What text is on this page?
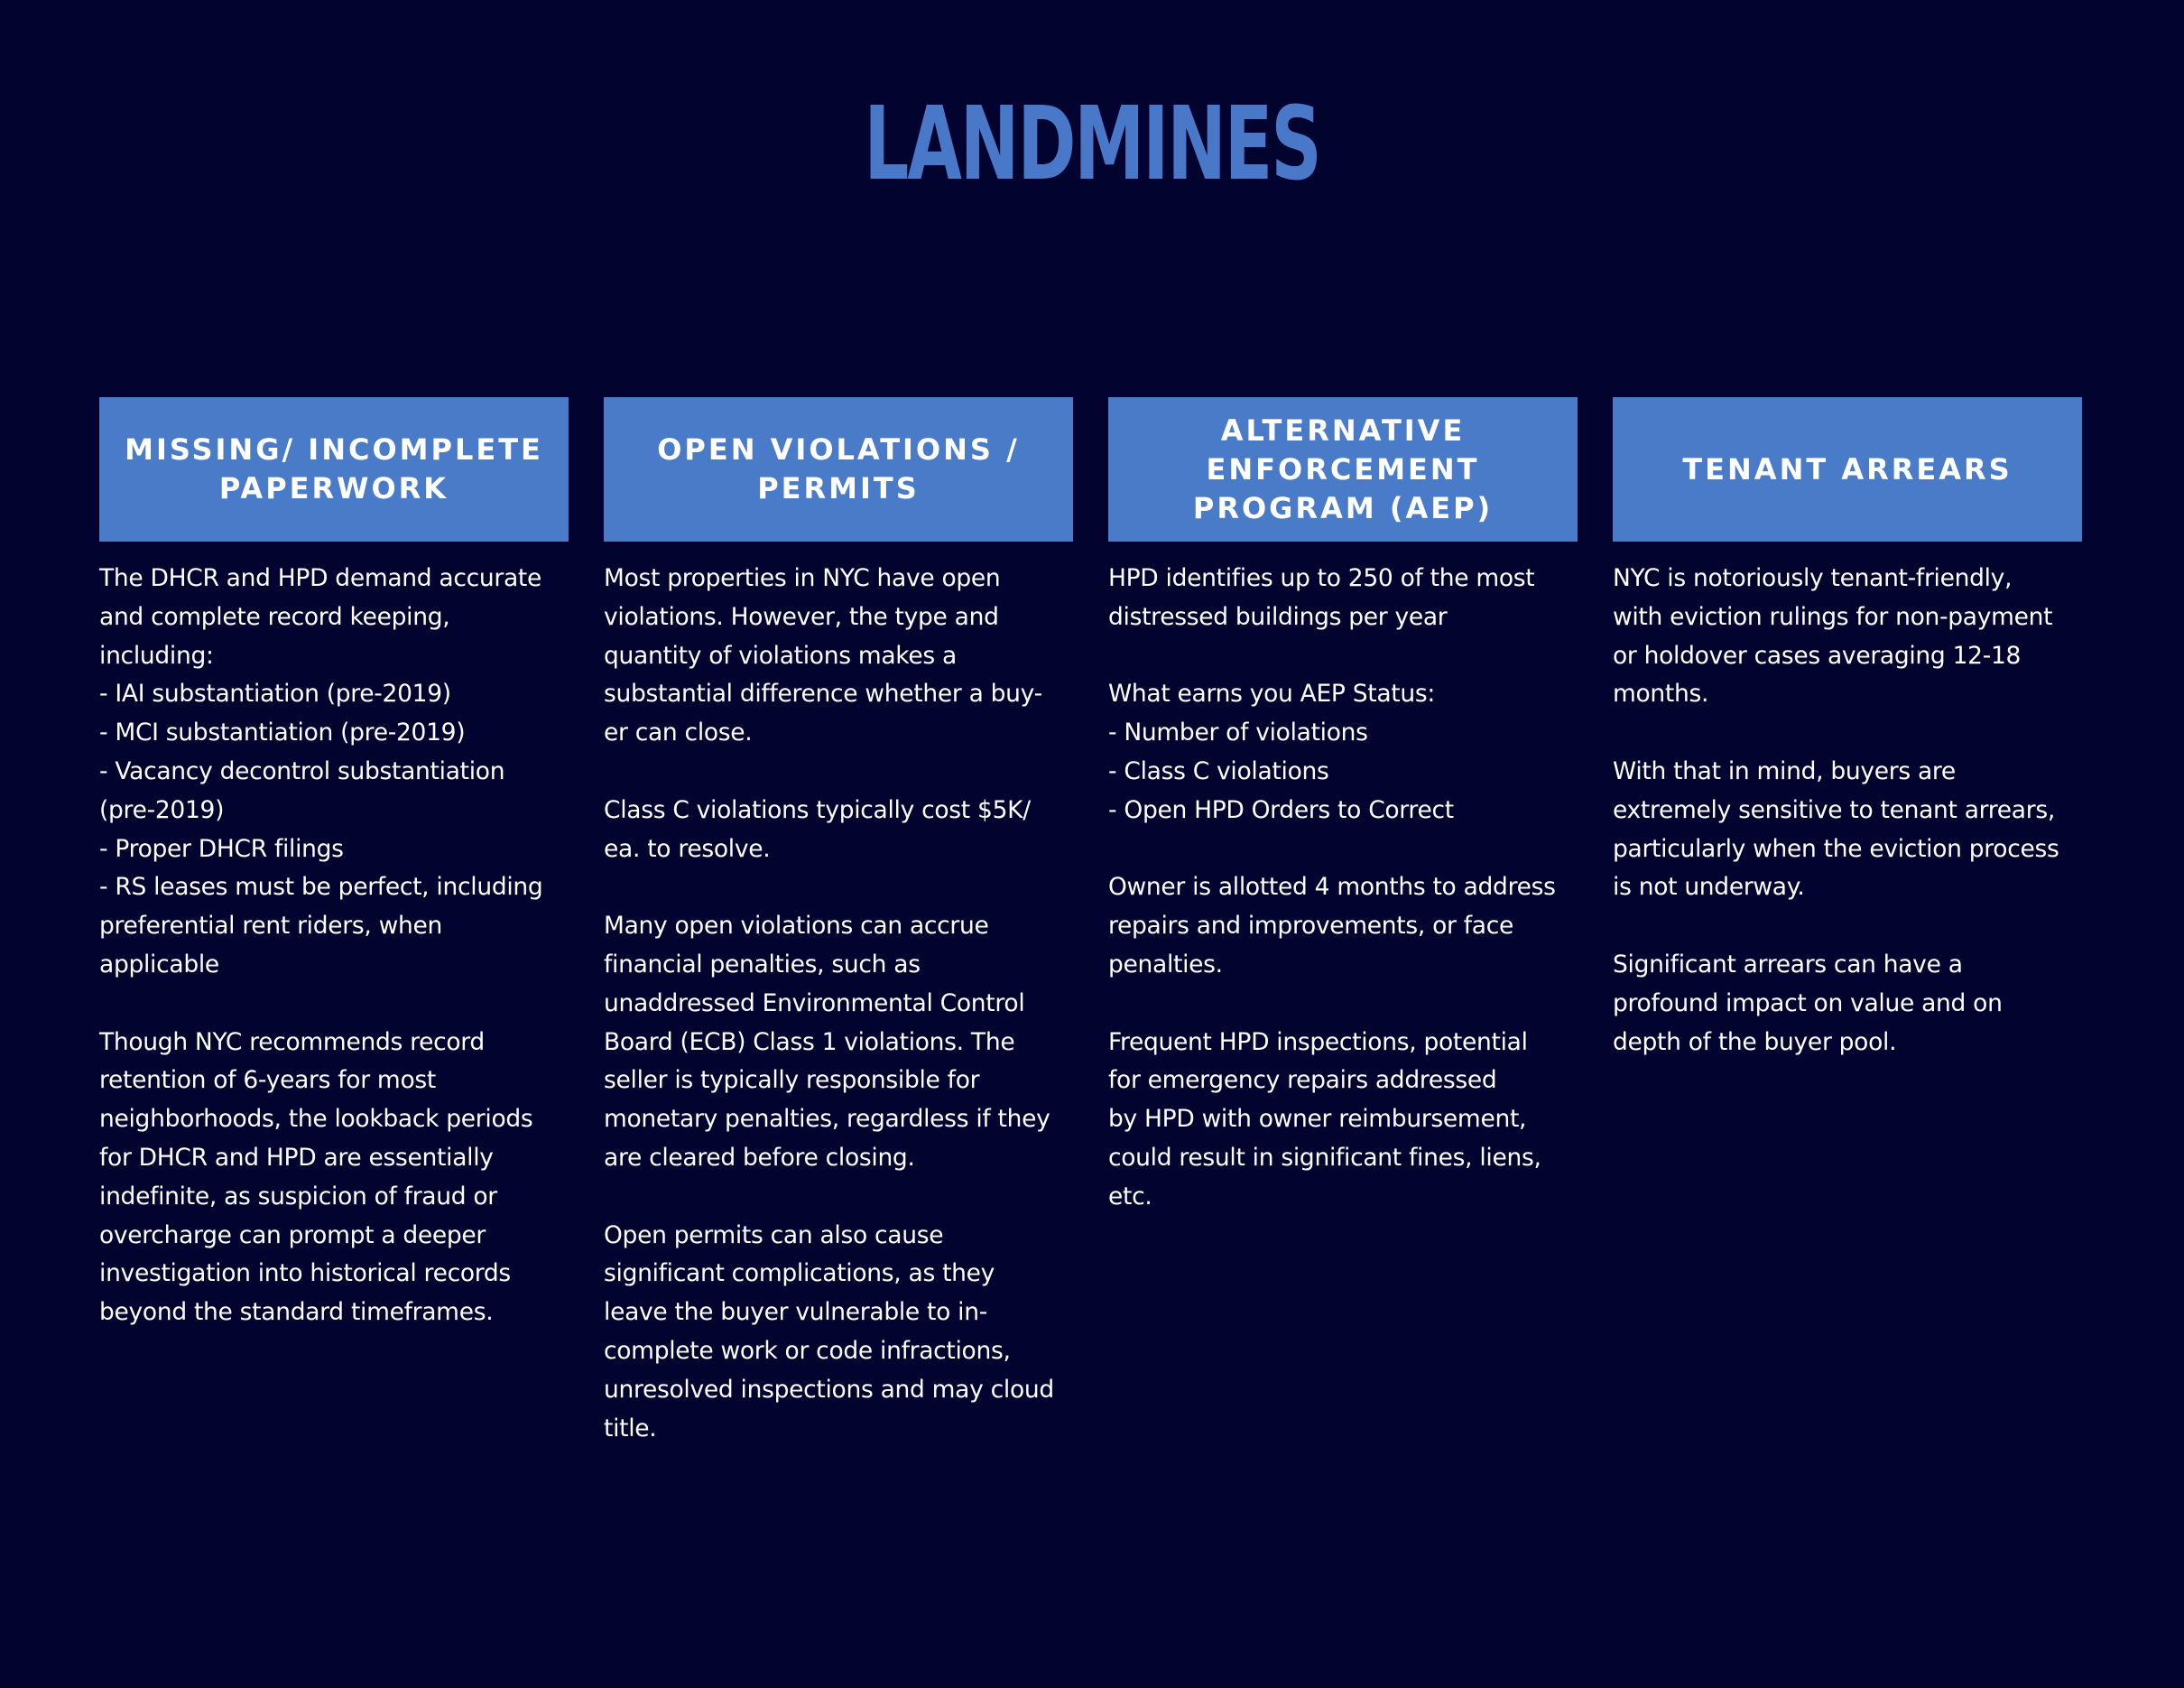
LANDMINES
MISSING/ INCOMPLETE
PAPERWORK
The DHCR and HPD demand accurate
and complete record keeping,
including:
- IAI substantiation (pre-2019)
- MCI substantiation (pre-2019)
- Vacancy decontrol substantiation
(pre-2019)
- Proper DHCR filings
- RS leases must be perfect, including
preferential rent riders, when
applicable

Though NYC recommends record
retention of 6-years for most
neighborhoods, the lookback periods
for DHCR and HPD are essentially
indefinite, as suspicion of fraud or
overcharge can prompt a deeper
investigation into historical records
beyond the standard timeframes.
OPEN VIOLATIONS /
PERMITS
Most properties in NYC have open
violations. However, the type and
quantity of violations makes a
substantial difference whether a buy-
er can close.

Class C violations typically cost $5K/
ea. to resolve.

Many open violations can accrue
financial penalties, such as
unaddressed Environmental Control
Board (ECB) Class 1 violations. The
seller is typically responsible for
monetary penalties, regardless if they
are cleared before closing.

Open permits can also cause
significant complications, as they
leave the buyer vulnerable to in-
complete work or code infractions,
unresolved inspections and may cloud
title.
ALTERNATIVE
ENFORCEMENT
PROGRAM (AEP)
HPD identifies up to 250 of the most
distressed buildings per year

What earns you AEP Status:
- Number of violations
- Class C violations
- Open HPD Orders to Correct

Owner is allotted 4 months to address
repairs and improvements, or face
penalties.

Frequent HPD inspections, potential
for emergency repairs addressed
by HPD with owner reimbursement,
could result in significant fines, liens,
etc.
TENANT ARREARS
NYC is notoriously tenant-friendly,
with eviction rulings for non-payment
or holdover cases averaging 12-18
months.

With that in mind, buyers are
extremely sensitive to tenant arrears,
particularly when the eviction process
is not underway.

Significant arrears can have a
profound impact on value and on
depth of the buyer pool.
